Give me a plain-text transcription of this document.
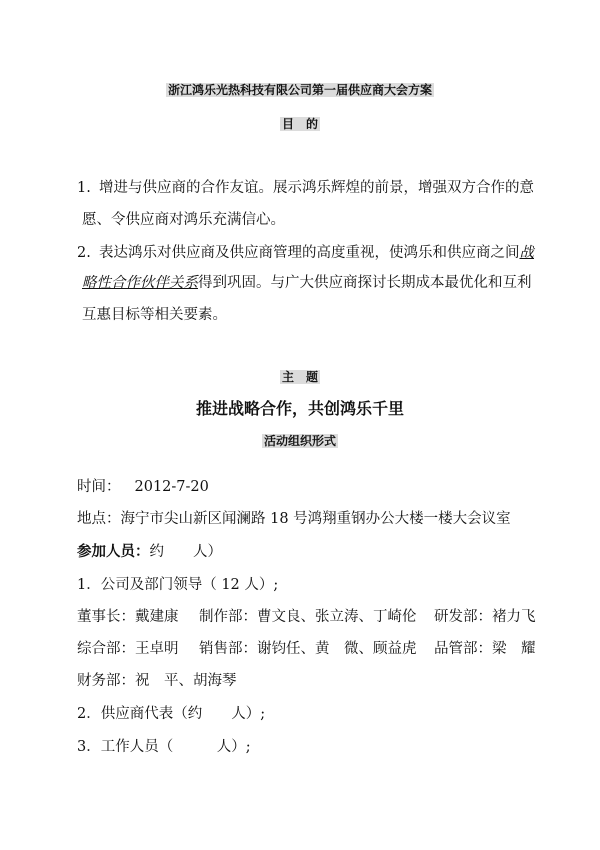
浙江鸿乐光热科技有限公司第一届供应商大会方案
目　的
1. 增进与供应商的合作友谊。展示鸿乐辉煌的前景，增强双方合作的意
愿、令供应商对鸿乐充满信心。
2. 表达鸿乐对供应商及供应商管理的高度重视，使鸿乐和供应商之间战
略性合作伙伴关系得到巩固。与广大供应商探讨长期成本最优化和互利
互惠目标等相关要素。
主　题
推进战略合作，共创鸿乐千里
活动组织形式
时间： 2012-7-20
地点：海宁市尖山新区闻澜路 18 号鸿翔重钢办公大楼一楼大会议室
参加人员：约　　人）
1．公司及部门领导（ 12 人）;
董事长：戴建康 制作部：曹文良、张立涛、丁崎伦 研发部：褚力飞
综合部：王卓明 销售部：谢钧任、黄　微、顾益虎 品管部：梁　耀
财务部：祝　平、胡海琴
2．供应商代表（约　　人）;
3．工作人员（　　　人）;
